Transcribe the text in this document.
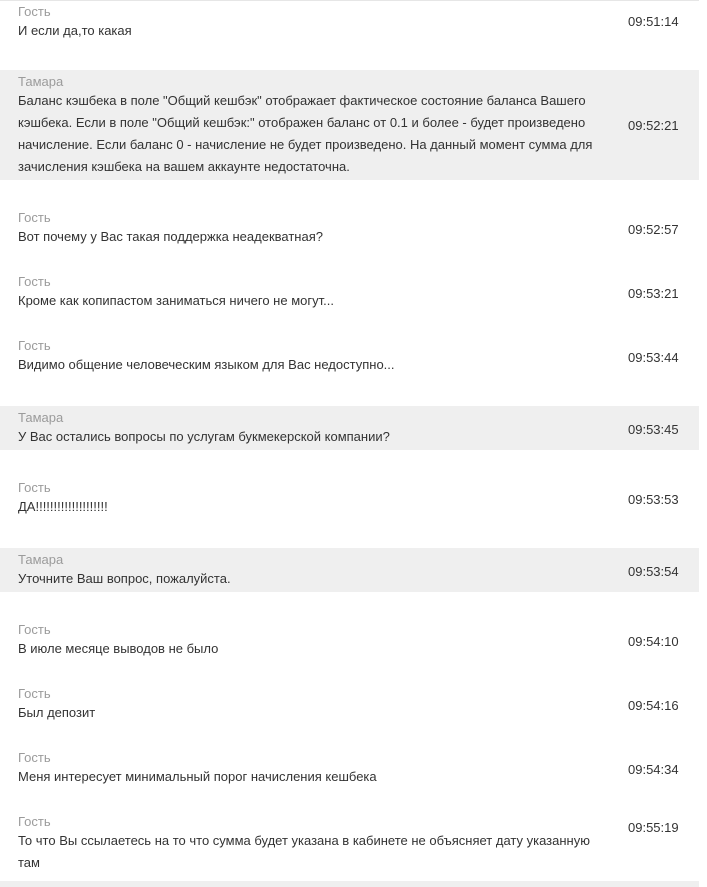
Гость
И если да,то какая
09:51:14
Тамара
Баланс кэшбека в поле "Общий кешбэк" отображает фактическое состояние баланса Вашего кэшбека. Если в поле "Общий кешбэк:" отображен баланс от 0.1 и более - будет произведено начисление. Если баланс 0 - начисление не будет произведено. На данный момент сумма для зачисления кэшбека на вашем аккаунте недостаточна.
09:52:21
Гость
Вот почему у Вас такая поддержка неадекватная?	09:52:57
Гость
Кроме как копипастом заниматься ничего не могут...	09:53:21
Гость
Видимо общение человеческим языком для Вас недоступно...	09:53:44
Тамара
У Вас остались вопросы по услугам букмекерской компании?	09:53:45
Гость
ДА!!!!!!!!!!!!!!!!!!!!	09:53:53
Тамара
Уточните Ваш вопрос, пожалуйста.	09:53:54
Гость
В июле месяце выводов не было	09:54:10
Гость
Был депозит	09:54:16
Гость
Меня интересует минимальный порог начисления кешбека	09:54:34
Гость
То что Вы ссылаетесь на то что сумма будет указана в кабинете не объясняет дату указанную там
09:55:19
